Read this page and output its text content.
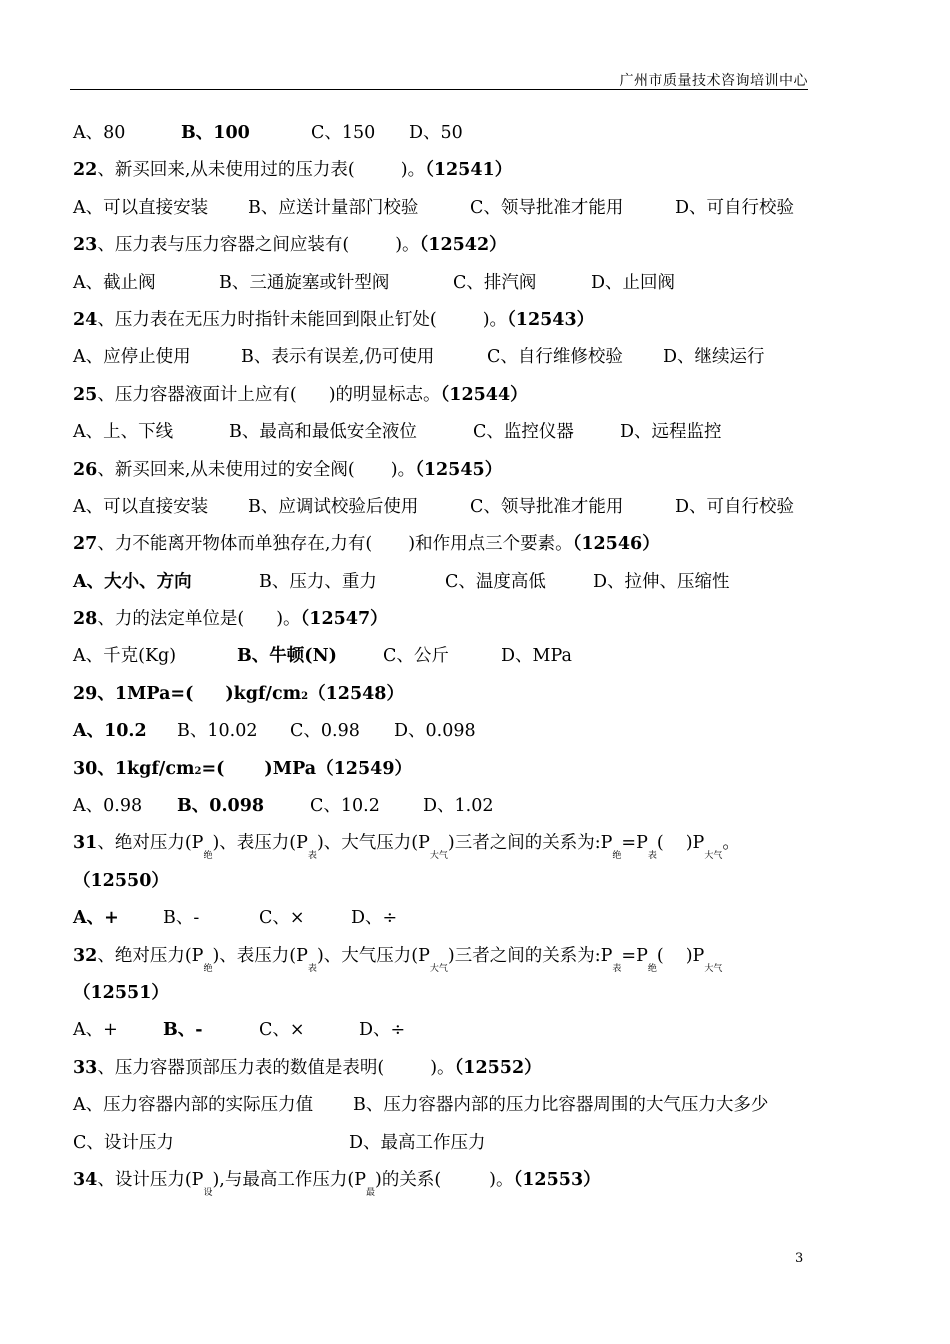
广州市质量技术咨询培训中心
A、80	B、100	C、150 D、50
22、新买回来,从未使用过的压力表(	)。（12541）
A、可以直接安装 B、应送计量部门校验	C、领导批准才能用	D、可自行校验
23、压力表与压力容器之间应装有(	)。（12542）
A、截止阀	B、三通旋塞或针型阀	C、排汽阀	D、止回阀
24、压力表在无压力时指针未能回到限止钉处(	)。（12543）
A、应停止使用	B、表示有误差,仍可使用	C、自行维修校验 D、继续运行
25、压力容器液面计上应有( )的明显标志。（12544）
A、上、下线	B、最高和最低安全液位	C、监控仪器	D、远程监控
26、新买回来,从未使用过的安全阀( )。（12545）
A、可以直接安装 B、应调试校验后使用	C、领导批准才能用	D、可自行校验
27、力不能离开物体而单独存在,力有( )和作用点三个要素。（12546）
A、大小、方向	B、压力、重力	C、温度高低	D、拉伸、压缩性
28、力的法定单位是( )。（12547）
A、千克(Kg)	B、牛顿(N)	C、公斤	D、MPa
29、1MPa=( )kgf/cm2（12548）
A、10.2 B、10.02 C、0.98 D、0.098
30、1kgf/cm2=( )MPa（12549）
A、0.98 B、0.098	C、10.2 D、1.02
31、绝对压力$(P_绝)$、表压力$(P_表)$、大气压力$(P_{大气})$三者之间的关系为$:P_绝=P_表$( )$P_{大气}$。
（12550）
A、+	B、-	C、×	D、÷
32、绝对压力$(P_绝)$、表压力$(P_表)$、大气压力$(P_{大气})$三者之间的关系为$:P_表=P_绝$( )$P_{大气}$
（12551）
A、+	B、-	C、×	D、÷
33、压力容器顶部压力表的数值是表明(	)。（12552）
A、压力容器内部的实际压力值 B、压力容器内部的压力比容器周围的大气压力大多少
C、设计压力	D、最高工作压力
34、设计压力$(P_设)$,与最高工作压力$(P_最)$的关系(	)。（12553）
3
